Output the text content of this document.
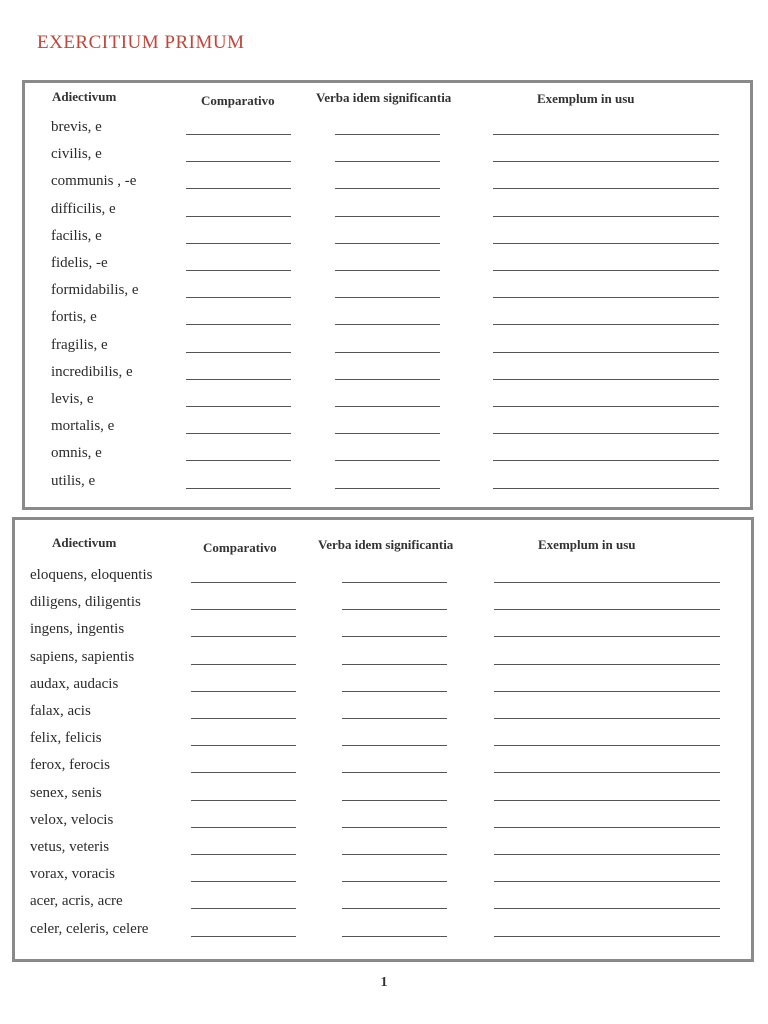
EXERCITIUM PRIMUM
Adiectivum	Comparativo	Verba idem significantia	Exemplum in usu
brevis, e
civilis, e
communis , -e
difficilis, e
facilis, e
fidelis, -e
formidabilis, e
fortis, e
fragilis, e
incredibilis, e
levis, e
mortalis, e
omnis, e
utilis, e
Adiectivum	Comparativo	Verba idem significantia	Exemplum in usu
eloquens, eloquentis
diligens, diligentis
ingens, ingentis
sapiens, sapientis
audax, audacis
falax, acis
felix, felicis
ferox, ferocis
senex, senis
velox, velocis
vetus, veteris
vorax, voracis
acer, acris, acre
celer, celeris, celere
1
